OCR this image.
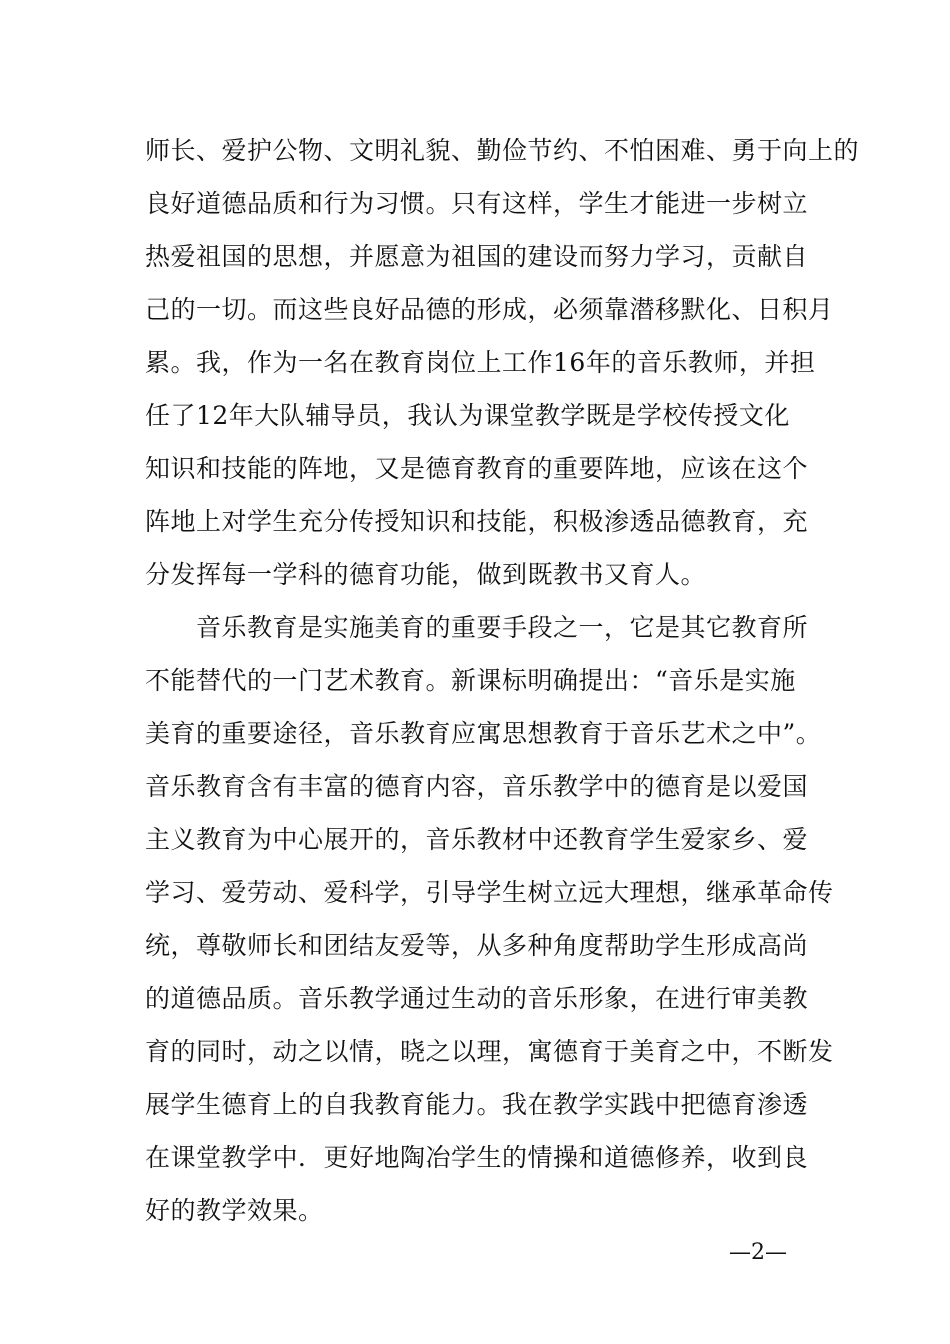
师长、爱护公物、文明礼貌、勤俭节约、不怕困难、勇于向上的
良好道德品质和行为习惯。只有这样，学生才能进一步树立
热爱祖国的思想，并愿意为祖国的建设而努力学习，贡献自
己的一切。而这些良好品德的形成，必须靠潜移默化、日积月
累。我，作为一名在教育岗位上工作16年的音乐教师，并担
任了12年大队辅导员，我认为课堂教学既是学校传授文化
知识和技能的阵地，又是德育教育的重要阵地，应该在这个
阵地上对学生充分传授知识和技能，积极渗透品德教育，充
分发挥每一学科的德育功能，做到既教书又育人。
　　音乐教育是实施美育的重要手段之一，它是其它教育所
不能替代的一门艺术教育。新课标明确提出：“音乐是实施
美育的重要途径，音乐教育应寓思想教育于音乐艺术之中”。
音乐教育含有丰富的德育内容，音乐教学中的德育是以爱国
主义教育为中心展开的，音乐教材中还教育学生爱家乡、爱
学习、爱劳动、爱科学，引导学生树立远大理想，继承革命传
统，尊敬师长和团结友爱等，从多种角度帮助学生形成高尚
的道德品质。音乐教学通过生动的音乐形象，在进行审美教
育的同时，动之以情，晓之以理，寓德育于美育之中，不断发
展学生德育上的自我教育能力。我在教学实践中把德育渗透
在课堂教学中．更好地陶冶学生的情操和道德修养，收到良
好的教学效果。
—2—
